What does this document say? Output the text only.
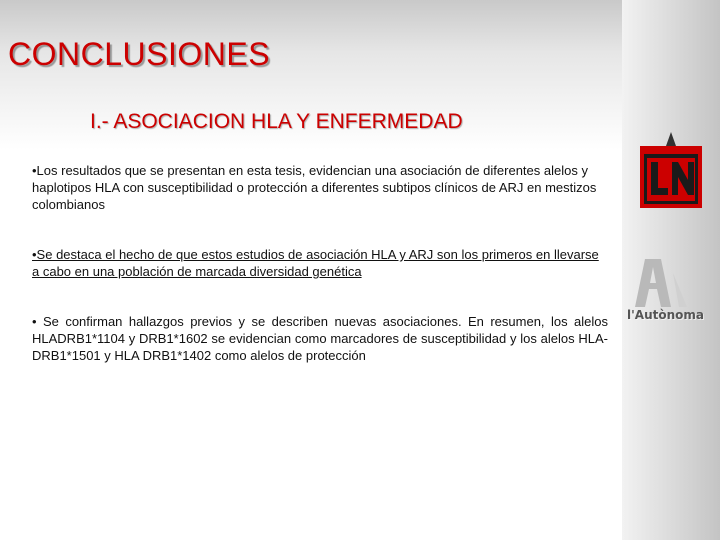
CONCLUSIONES
I.- ASOCIACION HLA Y ENFERMEDAD

•Los resultados que se presentan en esta tesis, evidencian una asociación de diferentes alelos y haplotipos HLA con susceptibilidad o protección a diferentes subtipos clínicos de ARJ en mestizos colombianos

•Se destaca el hecho de que estos estudios de asociación HLA y ARJ son los primeros en llevarse a cabo en una población de marcada diversidad genética

• Se confirman hallazgos previos y se describen nuevas asociaciones. En resumen, los alelos HLADRB1*1104 y DRB1*1602 se evidencian como marcadores de susceptibilidad y los alelos HLA-DRB1*1501 y HLA DRB1*1402 como alelos de protección

l'Autònoma
